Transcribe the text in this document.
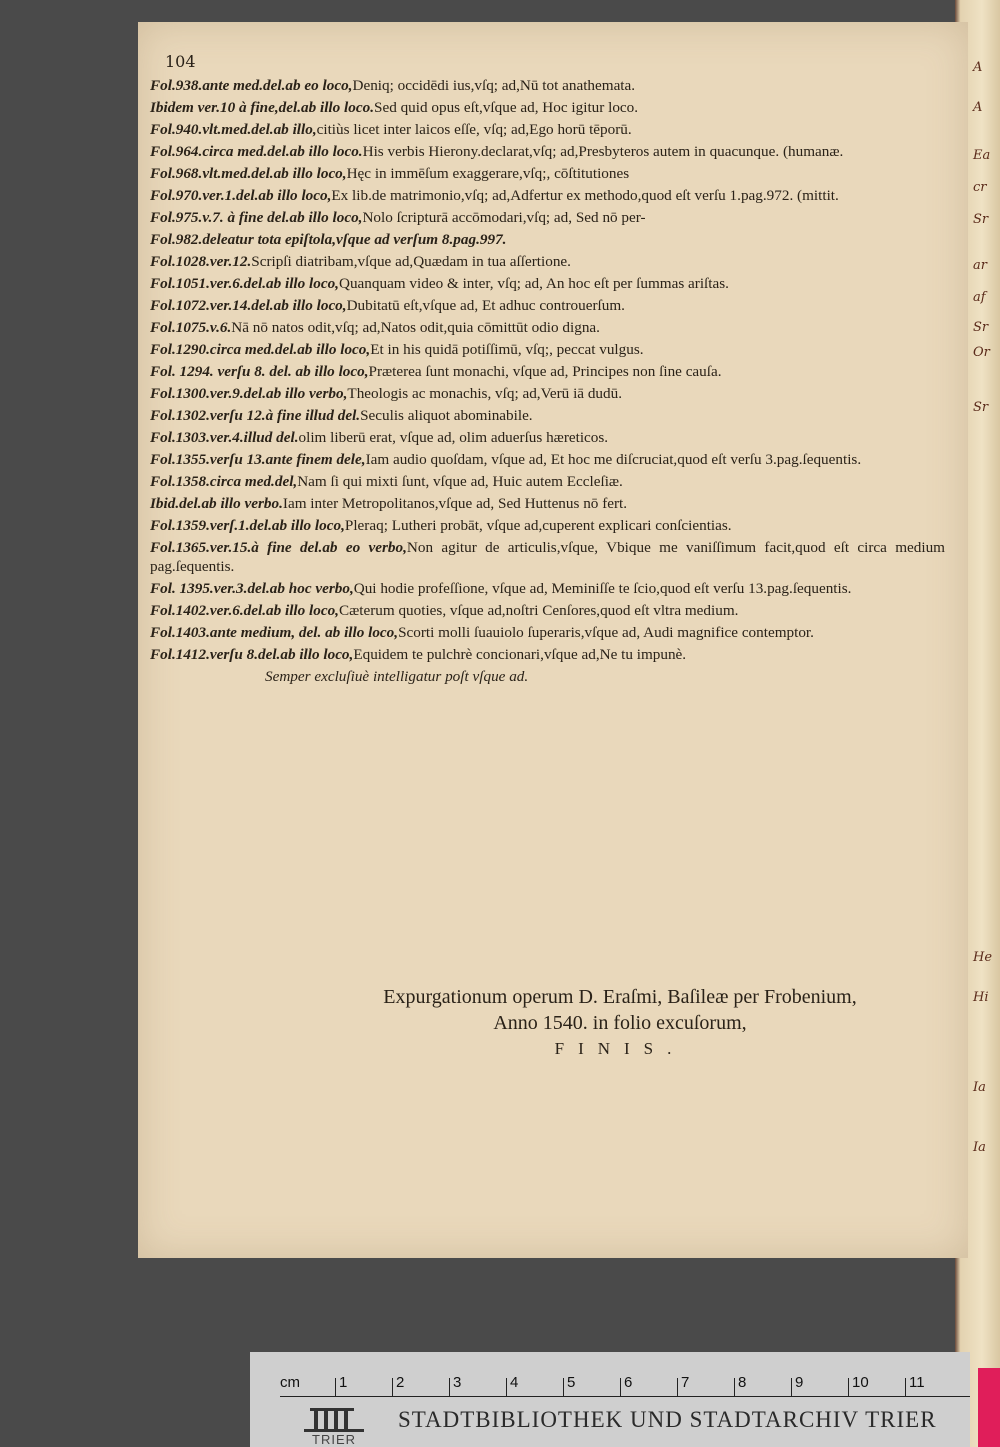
A
A
Ea
cr
Sr
ar
af
Sr
Or
Sr
He
Hi
Ia
Ia
104
Fol.938.ante med.del.ab eo loco,Deniq; occidēdi ius,vſq; ad,Nū tot anathemata.
Ibidem ver.10 à fine,del.ab illo loco.Sed quid opus eſt,vſque ad, Hoc igitur loco.
Fol.940.vlt.med.del.ab illo,citiùs licet inter laicos eſſe, vſq; ad,Ego horū tēporū.
Fol.964.circa med.del.ab illo loco.His verbis Hierony.declarat,vſq; ad,Presbyteros autem in quacunque. (humanæ.
Fol.968.vlt.med.del.ab illo loco,Hęc in immēſum exaggerare,vſq;, cōſtitutiones
Fol.970.ver.1.del.ab illo loco,Ex lib.de matrimonio,vſq; ad,Adfertur ex methodo,quod eſt verſu 1.pag.972. (mittit.
Fol.975.v.7. à fine del.ab illo loco,Nolo ſcripturā accōmodari,vſq; ad, Sed nō per-
Fol.982.deleatur tota epiſtola,vſque ad verſum 8.pag.997.
Fol.1028.ver.12.Scripſi diatribam,vſque ad,Quædam in tua aſſertione.
Fol.1051.ver.6.del.ab illo loco,Quanquam video & inter, vſq; ad, An hoc eſt per ſummas ariſtas.
Fol.1072.ver.14.del.ab illo loco,Dubitatū eſt,vſque ad, Et adhuc controuerſum.
Fol.1075.v.6.Nā nō natos odit,vſq; ad,Natos odit,quia cōmittūt odio digna.
Fol.1290.circa med.del.ab illo loco,Et in his quidā potiſſimū, vſq;, peccat vulgus.
Fol. 1294. verſu 8. del. ab illo loco,Præterea ſunt monachi, vſque ad, Principes non ſine cauſa.
Fol.1300.ver.9.del.ab illo verbo,Theologis ac monachis, vſq; ad,Verū iā dudū.
Fol.1302.verſu 12.à fine illud del.Seculis aliquot abominabile.
Fol.1303.ver.4.illud del.olim liberū erat, vſque ad, olim aduerſus hæreticos.
Fol.1355.verſu 13.ante finem dele,Iam audio quoſdam, vſque ad, Et hoc me diſcruciat,quod eſt verſu 3.pag.ſequentis.
Fol.1358.circa med.del,Nam ſi qui mixti ſunt, vſque ad, Huic autem Eccleſiæ.
Ibid.del.ab illo verbo.Iam inter Metropolitanos,vſque ad, Sed Huttenus nō fert.
Fol.1359.verſ.1.del.ab illo loco,Pleraq; Lutheri probāt, vſque ad,cuperent explicari conſcientias.
Fol.1365.ver.15.à fine del.ab eo verbo,Non agitur de articulis,vſque, Vbique me vaniſſimum facit,quod eſt circa medium pag.ſequentis.
Fol. 1395.ver.3.del.ab hoc verbo,Qui hodie profeſſione, vſque ad, Meminiſſe te ſcio,quod eſt verſu 13.pag.ſequentis.
Fol.1402.ver.6.del.ab illo loco,Cæterum quoties, vſque ad,noſtri Cenſores,quod eſt vltra medium.
Fol.1403.ante medium, del. ab illo loco,Scorti molli ſuauiolo ſuperaris,vſque ad, Audi magnifice contemptor.
Fol.1412.verſu 8.del.ab illo loco,Equidem te pulchrè concionari,vſque ad,Ne tu impunè.
Semper excluſiuè intelligatur poſt vſque ad.
Expurgationum operum D. Eraſmi, Baſileæ per Frobenium,
Anno 1540. in folio excuſorum,
FINIS.
cm	1	2	3	4	5	6	7	8	9	10	11
TRIER
STADTBIBLIOTHEK UND STADTARCHIV TRIER
